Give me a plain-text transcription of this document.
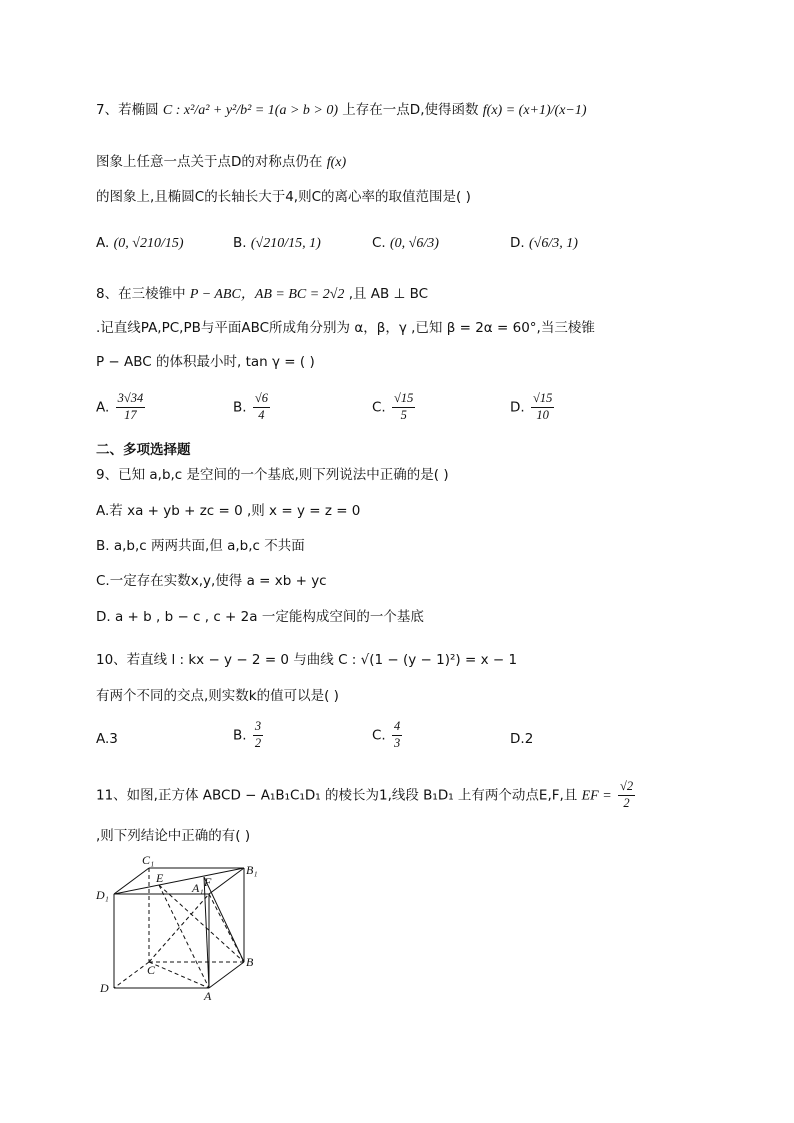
7、若椭圆 C : x²/a² + y²/b² = 1(a > b > 0) 上存在一点D,使得函数 f(x) = (x+1)/(x−1)
图象上任意一点关于点D的对称点仍在 f(x)
的图象上,且椭圆C的长轴长大于4,则C的离心率的取值范围是( )
A. (0, √210/15)	B. (√210/15, 1)	C. (0, √6/3)	D. (√6/3, 1)
8、在三棱锥中 P − ABC，AB = BC = 2√2 ,且 AB ⊥ BC
.记直线PA,PC,PB与平面ABC所成角分别为 α，β，γ ,已知 β = 2α = 60°,当三棱锥
P − ABC 的体积最小时, tan γ = ( )
A. $\frac{3√34}{17}$	B. $\frac{√6}{4}$	C. $\frac{√15}{5}$	D. $\frac{√15}{10}$
二、多项选择题
9、已知 a,b,c 是空间的一个基底,则下列说法中正确的是( )
A.若 xa + yb + zc = 0 ,则 x = y = z = 0
B. a,b,c 两两共面,但 a,b,c 不共面
C.一定存在实数x,y,使得 a = xb + yc
D. a + b , b − c , c + 2a 一定能构成空间的一个基底
10、若直线 l : kx − y − 2 = 0 与曲线 C : √(1 − (y − 1)²) = x − 1
有两个不同的交点,则实数k的值可以是( )
A.3	B. $\frac{3}{2}$	C. $\frac{4}{3}$	D.2
11、如图,正方体 ABCD − A₁B₁C₁D₁ 的棱长为1,线段 B₁D₁ 上有两个动点E,F,且 EF = $\frac{√2}{2}$
,则下列结论中正确的有( )
C₁
B₁
D₁	A₁
E	F
C
B
D
A
